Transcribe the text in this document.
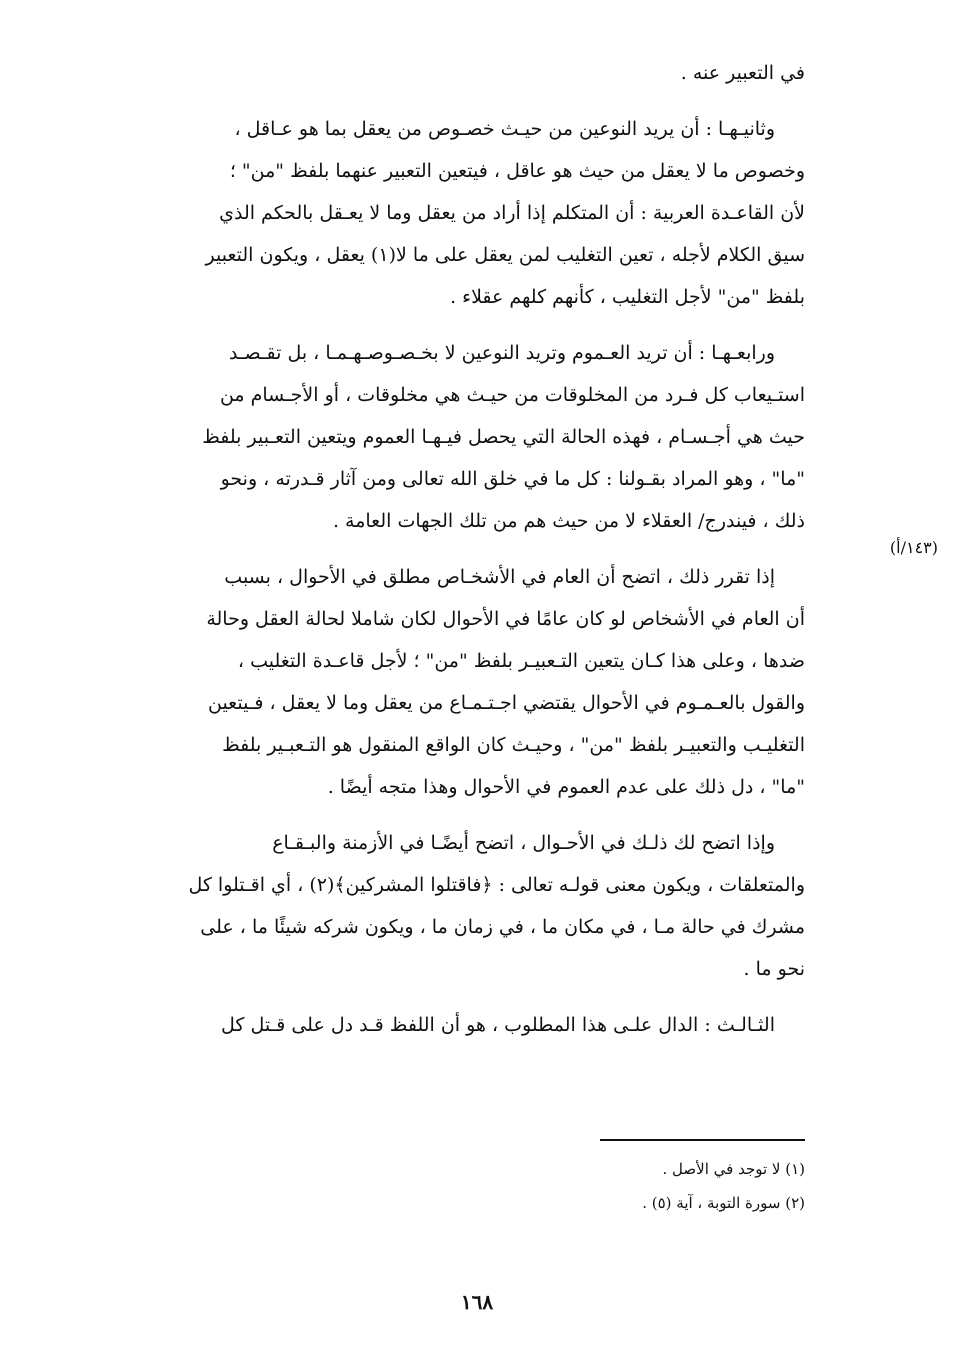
في التعبير عنه .
وثانيـهـا : أن يريد النوعين من حيـث خصـوص من يعقل بما هو عـاقل ،
وخصوص ما لا يعقل من حيث هو عاقل ، فيتعين التعبير عنهما بلفظ "من" ؛
لأن القاعـدة العربية : أن المتكلم إذا أراد من يعقل وما لا يعـقل بالحكم الذي
سيق الكلام لأجله ، تعين التغليب لمن يعقل على ما لا(١) يعقل ، ويكون التعبير
بلفظ "من" لأجل التغليب ، كأنهم كلهم عقلاء .
ورابعـهـا : أن تريد العـموم وتريد النوعين لا بخـصـوصـهـمـا ، بل تقـصـد
استـيعاب كل فـرد من المخلوقات من حيـث هي مخلوقات ، أو الأجـسام من
حيث هي أجـسـام ، فهذه الحالة التي يحصل فيـهـا العموم ويتعين التعـبير بلفظ
"ما" ، وهو المراد بقـولنا : كل ما في خلق الله تعالى ومن آثار قـدرته ، ونحو
ذلك ، فيندرج/ العقلاء لا من حيث هم من تلك الجهات العامة .
إذا تقرر ذلك ، اتضح أن العام في الأشخـاص مطلق في الأحوال ، بسبب
أن العام في الأشخاص لو كان عامًا في الأحوال لكان شاملا لحالة العقل وحالة
ضدها ، وعلى هذا كـان يتعين التـعبيـر بلفظ "من" ؛ لأجل قاعـدة التغليب ،
والقول بالعـمـوم في الأحوال يقتضي اجـتـمـاع من يعقل وما لا يعقل ، فـيتعين
التغليـب والتعبيـر بلفظ "من" ، وحيـث كان الواقع المنقول هو التـعبـير بلفظ
"ما" ، دل ذلك على عدم العموم في الأحوال وهذا متجه أيضًا .
وإذا اتضح لك ذلـك في الأحـوال ، اتضح أيضًـا في الأزمنة والبـقـاع
والمتعلقات ، ويكون معنى قولـه تعالى : ﴿فاقتلوا المشركين﴾(٢) ، أي اقـتلوا كل
مشرك في حالة مـا ، في مكان ما ، في زمان ما ، ويكون شركه شيئًا ما ، على
نحو ما .
الثـالـث : الدال علـى هذا المطلوب ، هو أن اللفظ قـد دل على قـتل كل
(١٤٣/أ)
(١) لا توجد في الأصل .
(٢) سورة التوبة ، آية (٥) .
١٦٨
